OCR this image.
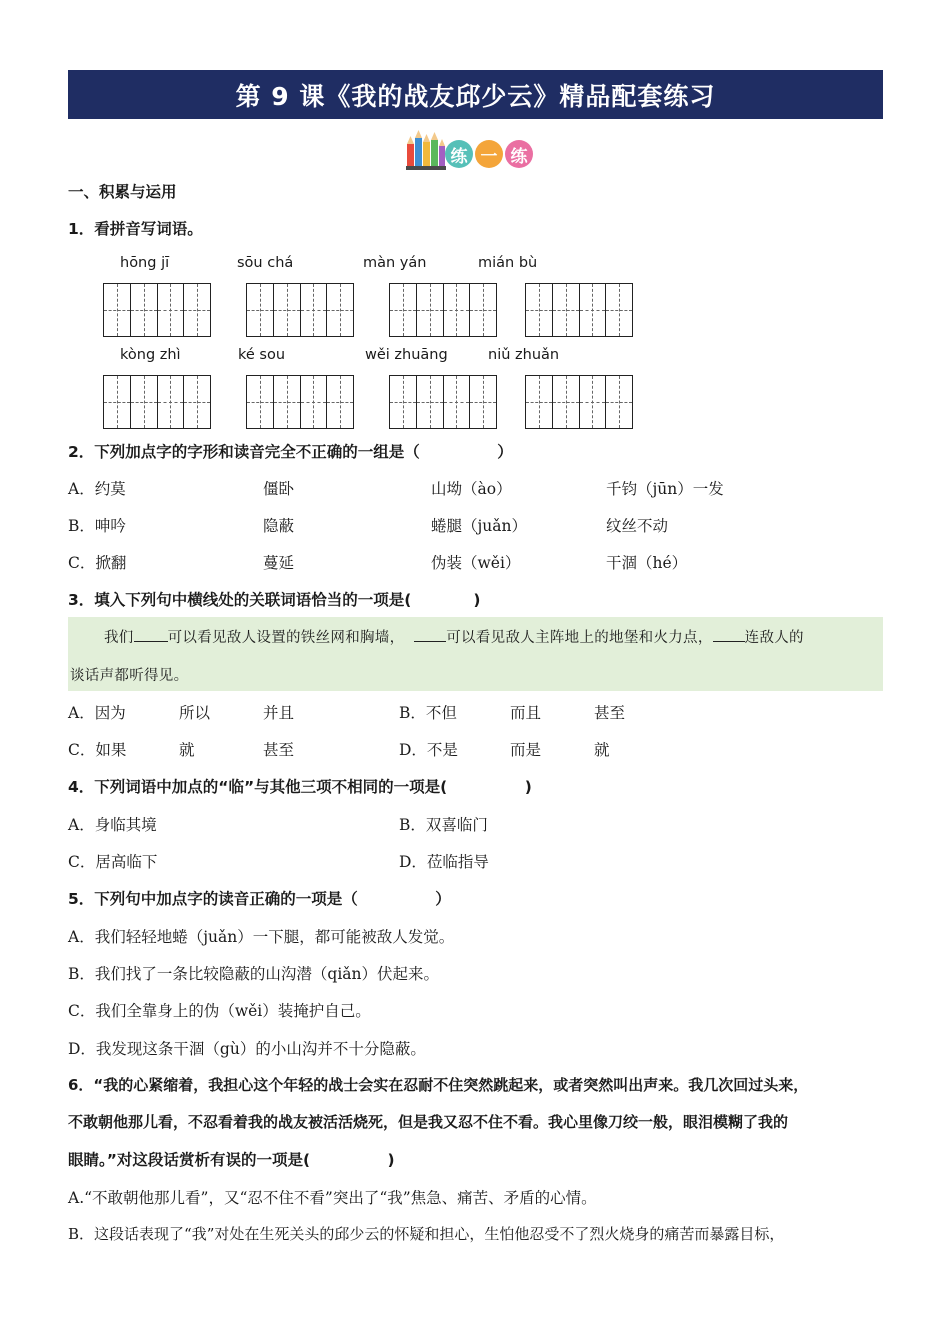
第 9 课《我的战友邱少云》精品配套练习
练 一 练
一、积累与运用
1．看拼音写词语。
hōng jī	sōu chá	màn yán	mián bù
kòng zhì	ké sou	wěi zhuāng	niǔ zhuǎn
2．下列加点字的字形和读音完全不正确的一组是（　　　　　）
A．约莫	僵卧	山坳（ào）	千钧（jūn）一发
B．呻吟	隐蔽	蜷腿（juǎn）	纹丝不动
C．掀翻	蔓延	伪装（wěi）	干涸（hé）
3．填入下列句中横线处的关联词语恰当的一项是(　　　　)
我们 可以看见敌人设置的铁丝网和胸墙，	可以看见敌人主阵地上的地堡和火力点， 连敌人的
谈话声都听得见。
A．因为	所以	并且	B．不但	而且	甚至
C．如果	就	甚至	D．不是	而是	就
4．下列词语中加点的“临”与其他三项不相同的一项是(　　　　　)
A．身临其境	B．双喜临门
C．居高临下	D．莅临指导
5．下列句中加点字的读音正确的一项是（　　　　　）
A．我们轻轻地蜷（juǎn）一下腿，都可能被敌人发觉。
B．我们找了一条比较隐蔽的山沟潜（qiǎn）伏起来。
C．我们全靠身上的伪（wěi）装掩护自己。
D．我发现这条干涸（gù）的小山沟并不十分隐蔽。
6．“我的心紧缩着，我担心这个年轻的战士会实在忍耐不住突然跳起来，或者突然叫出声来。我几次回过头来，
不敢朝他那儿看，不忍看着我的战友被活活烧死，但是我又忍不住不看。我心里像刀绞一般，眼泪模糊了我的
眼睛。”对这段话赏析有误的一项是(　　　　　)
A.“不敢朝他那儿看”，又“忍不住不看”突出了“我”焦急、痛苦、矛盾的心情。
B．这段话表现了“我”对处在生死关头的邱少云的怀疑和担心，生怕他忍受不了烈火烧身的痛苦而暴露目标，
